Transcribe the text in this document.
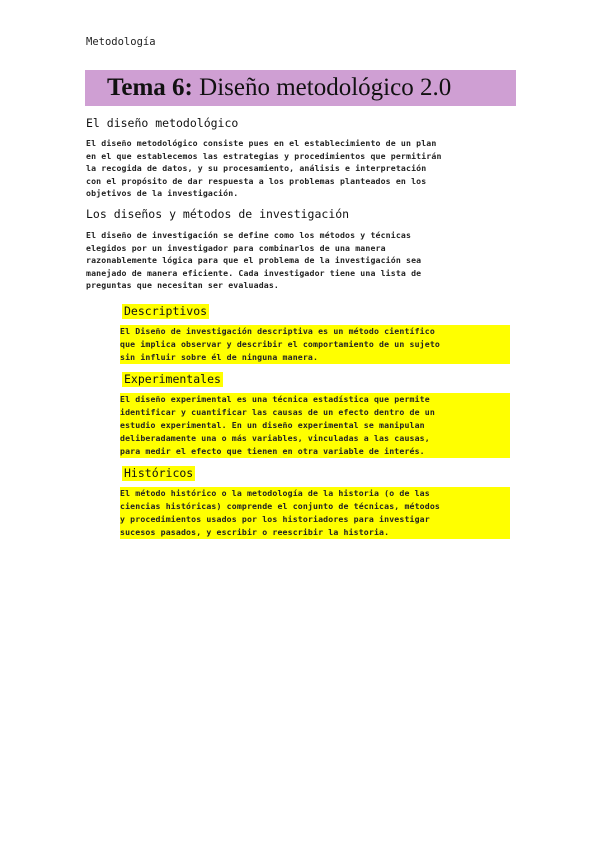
Metodología
Tema 6: Diseño metodológico 2.0
El diseño metodológico
El diseño metodológico consiste pues en el establecimiento de un plan
en el que establecemos las estrategias y procedimientos que permitirán
la recogida de datos, y su procesamiento, análisis e interpretación
con el propósito de dar respuesta a los problemas planteados en los
objetivos de la investigación.
Los diseños y métodos de investigación
El diseño de investigación se define como los métodos y técnicas
elegidos por un investigador para combinarlos de una manera
razonablemente lógica para que el problema de la investigación sea
manejado de manera eficiente. Cada investigador tiene una lista de
preguntas que necesitan ser evaluadas.
Descriptivos
El Diseño de investigación descriptiva es un método científico
que implica observar y describir el comportamiento de un sujeto
sin influir sobre él de ninguna manera.
Experimentales
El diseño experimental es una técnica estadística que permite
identificar y cuantificar las causas de un efecto dentro de un
estudio experimental. En un diseño experimental se manipulan
deliberadamente una o más variables, vinculadas a las causas,
para medir el efecto que tienen en otra variable de interés.
Históricos
El método histórico o la metodología de la historia (o de las
ciencias históricas) comprende el conjunto de técnicas, métodos
y procedimientos usados por los historiadores para investigar
sucesos pasados, y escribir o reescribir la historia.
